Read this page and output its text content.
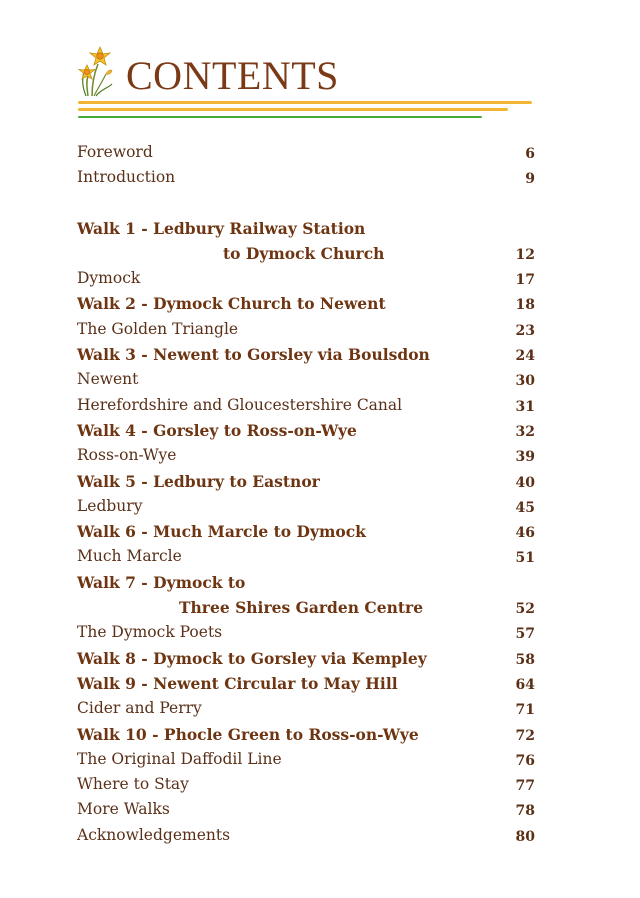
CONTENTS
Foreword	6
Introduction	9
Walk 1 - Ledbury Railway Station
to Dymock Church	12
Dymock	17
Walk 2 - Dymock Church to Newent	18
The Golden Triangle	23
Walk 3 - Newent to Gorsley via Boulsdon	24
Newent	30
Herefordshire and Gloucestershire Canal	31
Walk 4 - Gorsley to Ross-on-Wye	32
Ross-on-Wye	39
Walk 5 - Ledbury to Eastnor	40
Ledbury	45
Walk 6 - Much Marcle to Dymock	46
Much Marcle	51
Walk 7 - Dymock to
Three Shires Garden Centre	52
The Dymock Poets	57
Walk 8 - Dymock to Gorsley via Kempley	58
Walk 9 - Newent Circular to May Hill	64
Cider and Perry	71
Walk 10 - Phocle Green to Ross-on-Wye	72
The Original Daffodil Line	76
Where to Stay	77
More Walks	78
Acknowledgements	80
